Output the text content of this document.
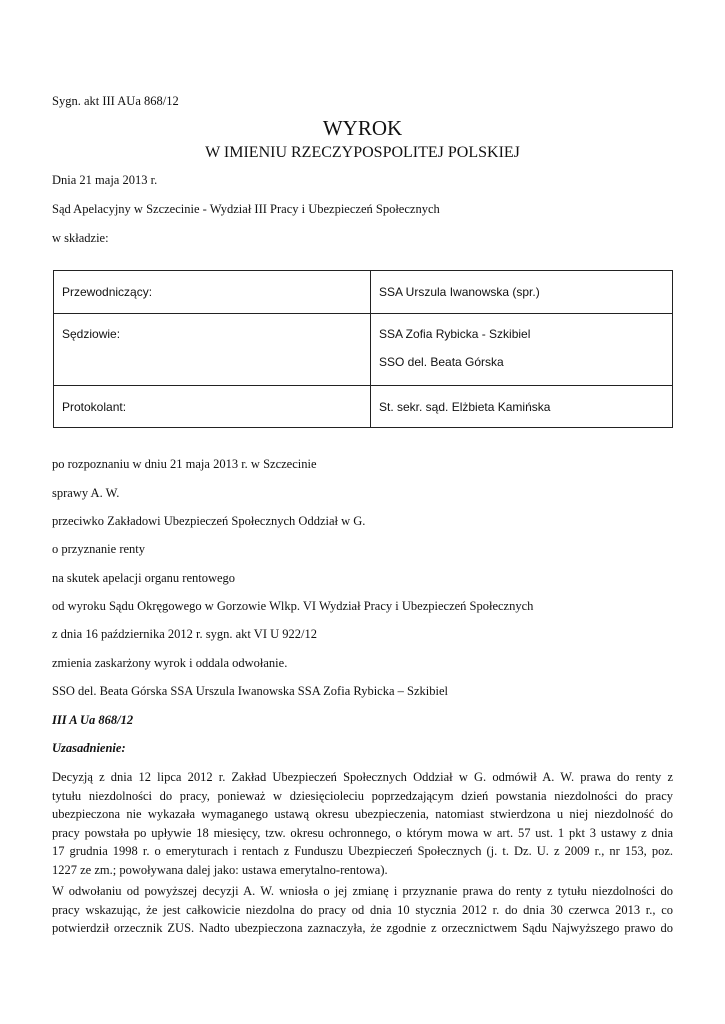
Sygn. akt III AUa 868/12
WYROK
W IMIENIU RZECZYPOSPOLITEJ POLSKIEJ
Dnia 21 maja 2013 r.
Sąd Apelacyjny w Szczecinie - Wydział III Pracy i Ubezpieczeń Społecznych
w składzie:
Przewodniczący:	SSA Urszula Iwanowska (spr.)

Sędziowie:	SSA Zofia Rybicka - Szkibiel
SSO del. Beata Górska

Protokolant:	St. sekr. sąd. Elżbieta Kamińska
po rozpoznaniu w dniu 21 maja 2013 r. w Szczecinie
sprawy A. W.
przeciwko Zakładowi Ubezpieczeń Społecznych Oddział w G.
o przyznanie renty
na skutek apelacji organu rentowego
od wyroku Sądu Okręgowego w Gorzowie Wlkp. VI Wydział Pracy i Ubezpieczeń Społecznych
z dnia 16 października 2012 r. sygn. akt VI U 922/12
zmienia zaskarżony wyrok i oddala odwołanie.
SSO del. Beata Górska SSA Urszula Iwanowska SSA Zofia Rybicka – Szkibiel
III A Ua 868/12
Uzasadnienie:
Decyzją z dnia 12 lipca 2012 r. Zakład Ubezpieczeń Społecznych Oddział w G. odmówił A. W. prawa do renty z
tytułu niezdolności do pracy, ponieważ w dziesięcioleciu poprzedzającym dzień powstania niezdolności do pracy
ubezpieczona nie wykazała wymaganego ustawą okresu ubezpieczenia, natomiast stwierdzona u niej niezdolność do
pracy powstała po upływie 18 miesięcy, tzw. okresu ochronnego, o którym mowa w art. 57 ust. 1 pkt 3 ustawy z dnia
17 grudnia 1998 r. o emeryturach i rentach z Funduszu Ubezpieczeń Społecznych (j. t. Dz. U. z 2009 r., nr 153, poz.
1227 ze zm.; powoływana dalej jako: ustawa emerytalno-rentowa).
W odwołaniu od powyższej decyzji A. W. wniosła o jej zmianę i przyznanie prawa do renty z tytułu niezdolności do
pracy wskazując, że jest całkowicie niezdolna do pracy od dnia 10 stycznia 2012 r. do dnia 30 czerwca 2013 r., co
potwierdził orzecznik ZUS. Nadto ubezpieczona zaznaczyła, że zgodnie z orzecznictwem Sądu Najwyższego prawo do
